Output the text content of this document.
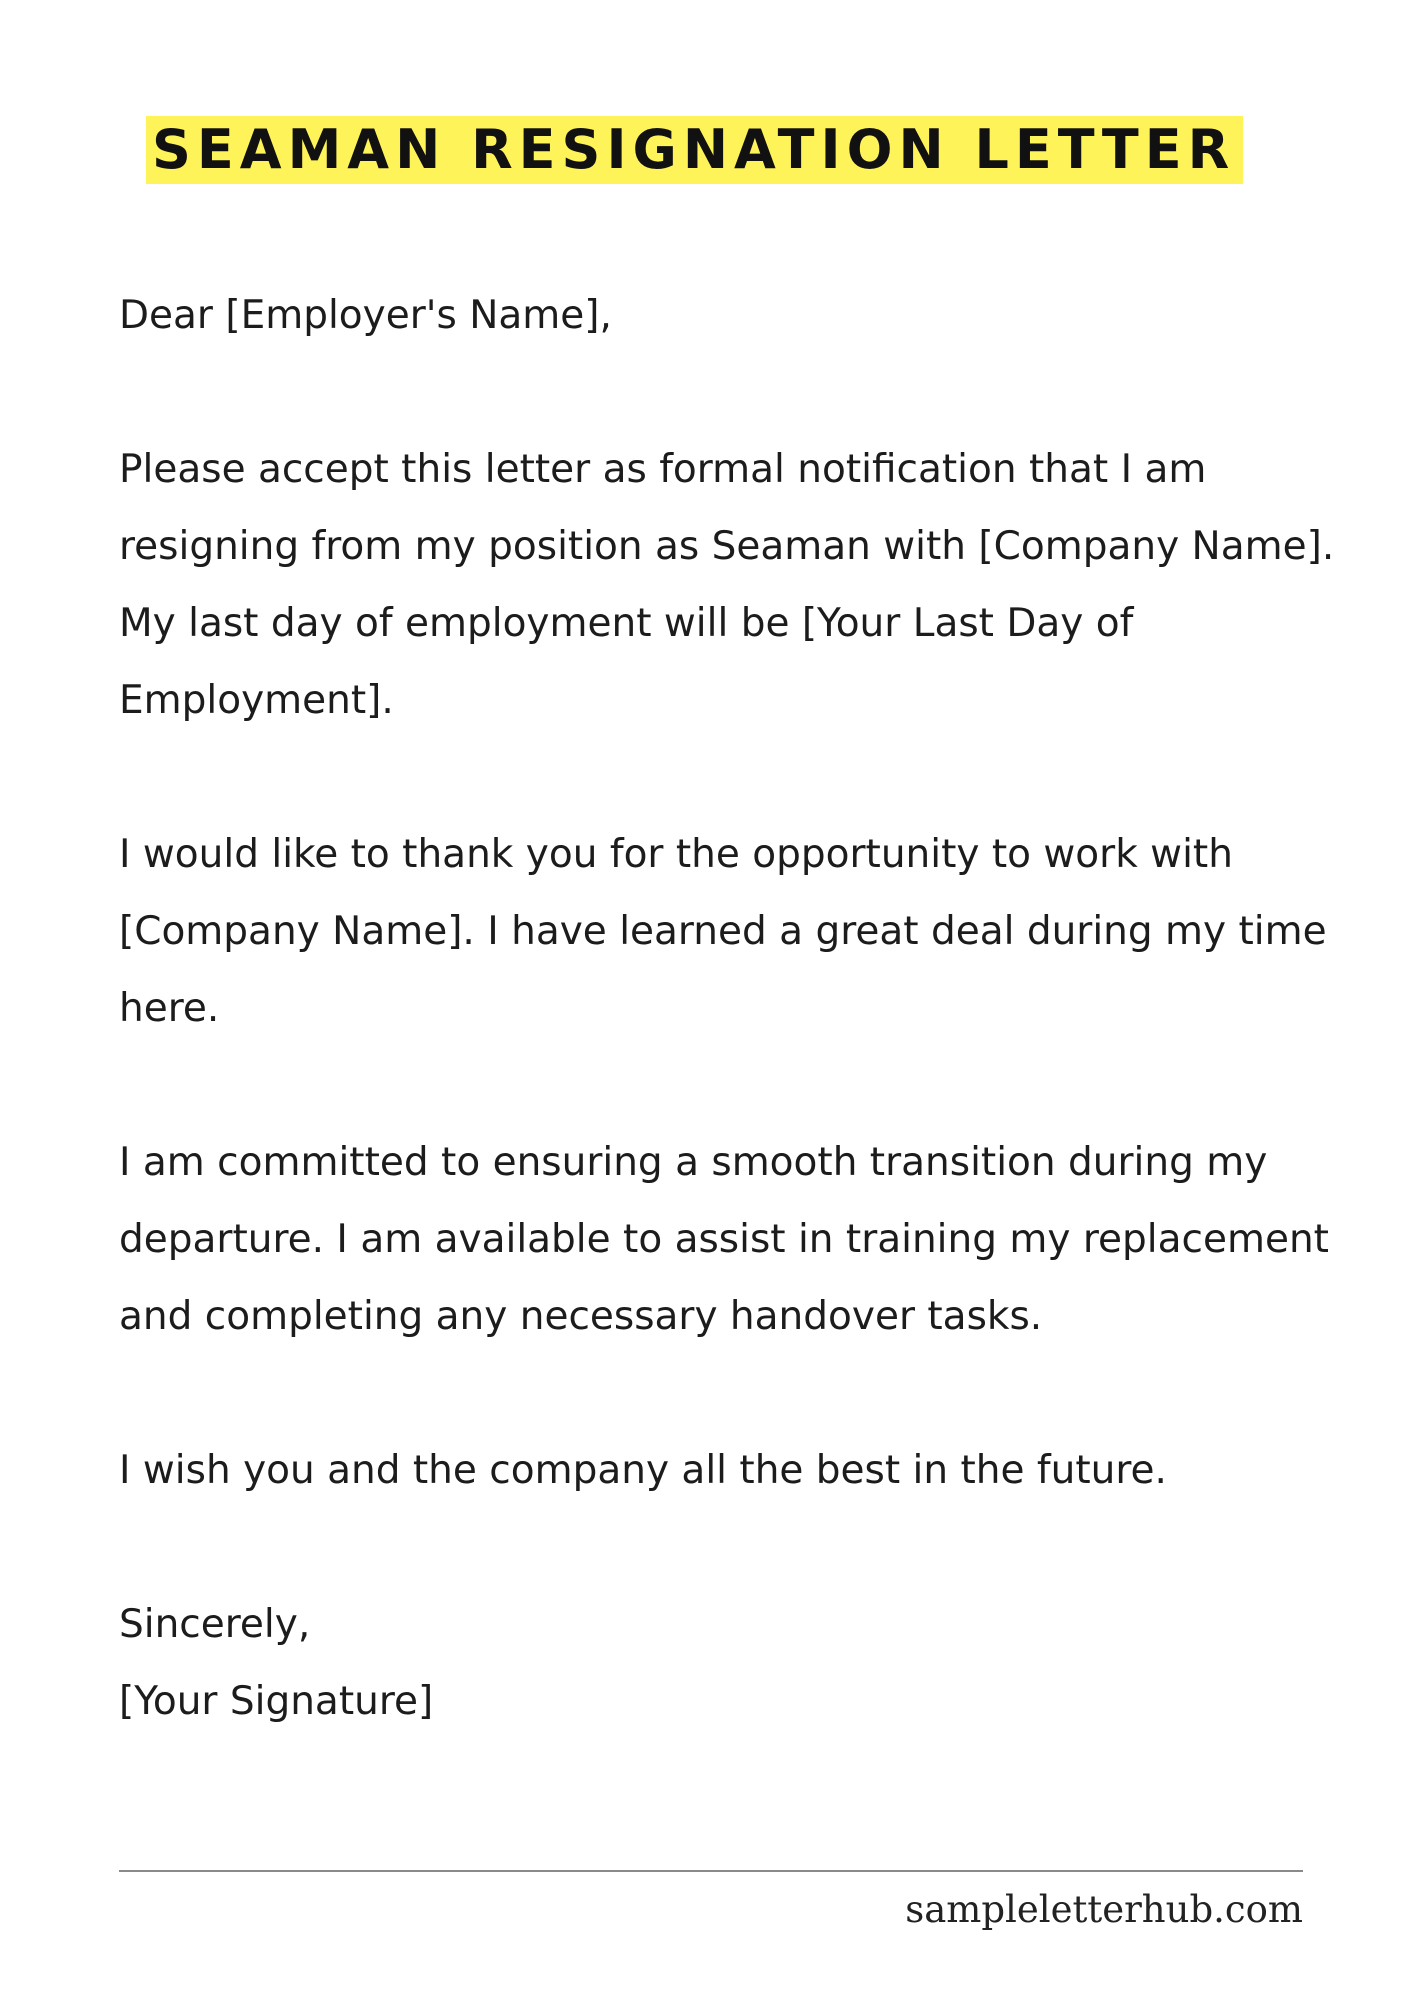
SEAMAN RESIGNATION LETTER

Dear [Employer's Name],

Please accept this letter as formal notification that I am resigning from my position as Seaman with [Company Name]. My last day of employment will be [Your Last Day of Employment].

I would like to thank you for the opportunity to work with [Company Name]. I have learned a great deal during my time here.

I am committed to ensuring a smooth transition during my departure. I am available to assist in training my replacement and completing any necessary handover tasks.

I wish you and the company all the best in the future.

Sincerely,

[Your Signature]

sampleletterhub.com
